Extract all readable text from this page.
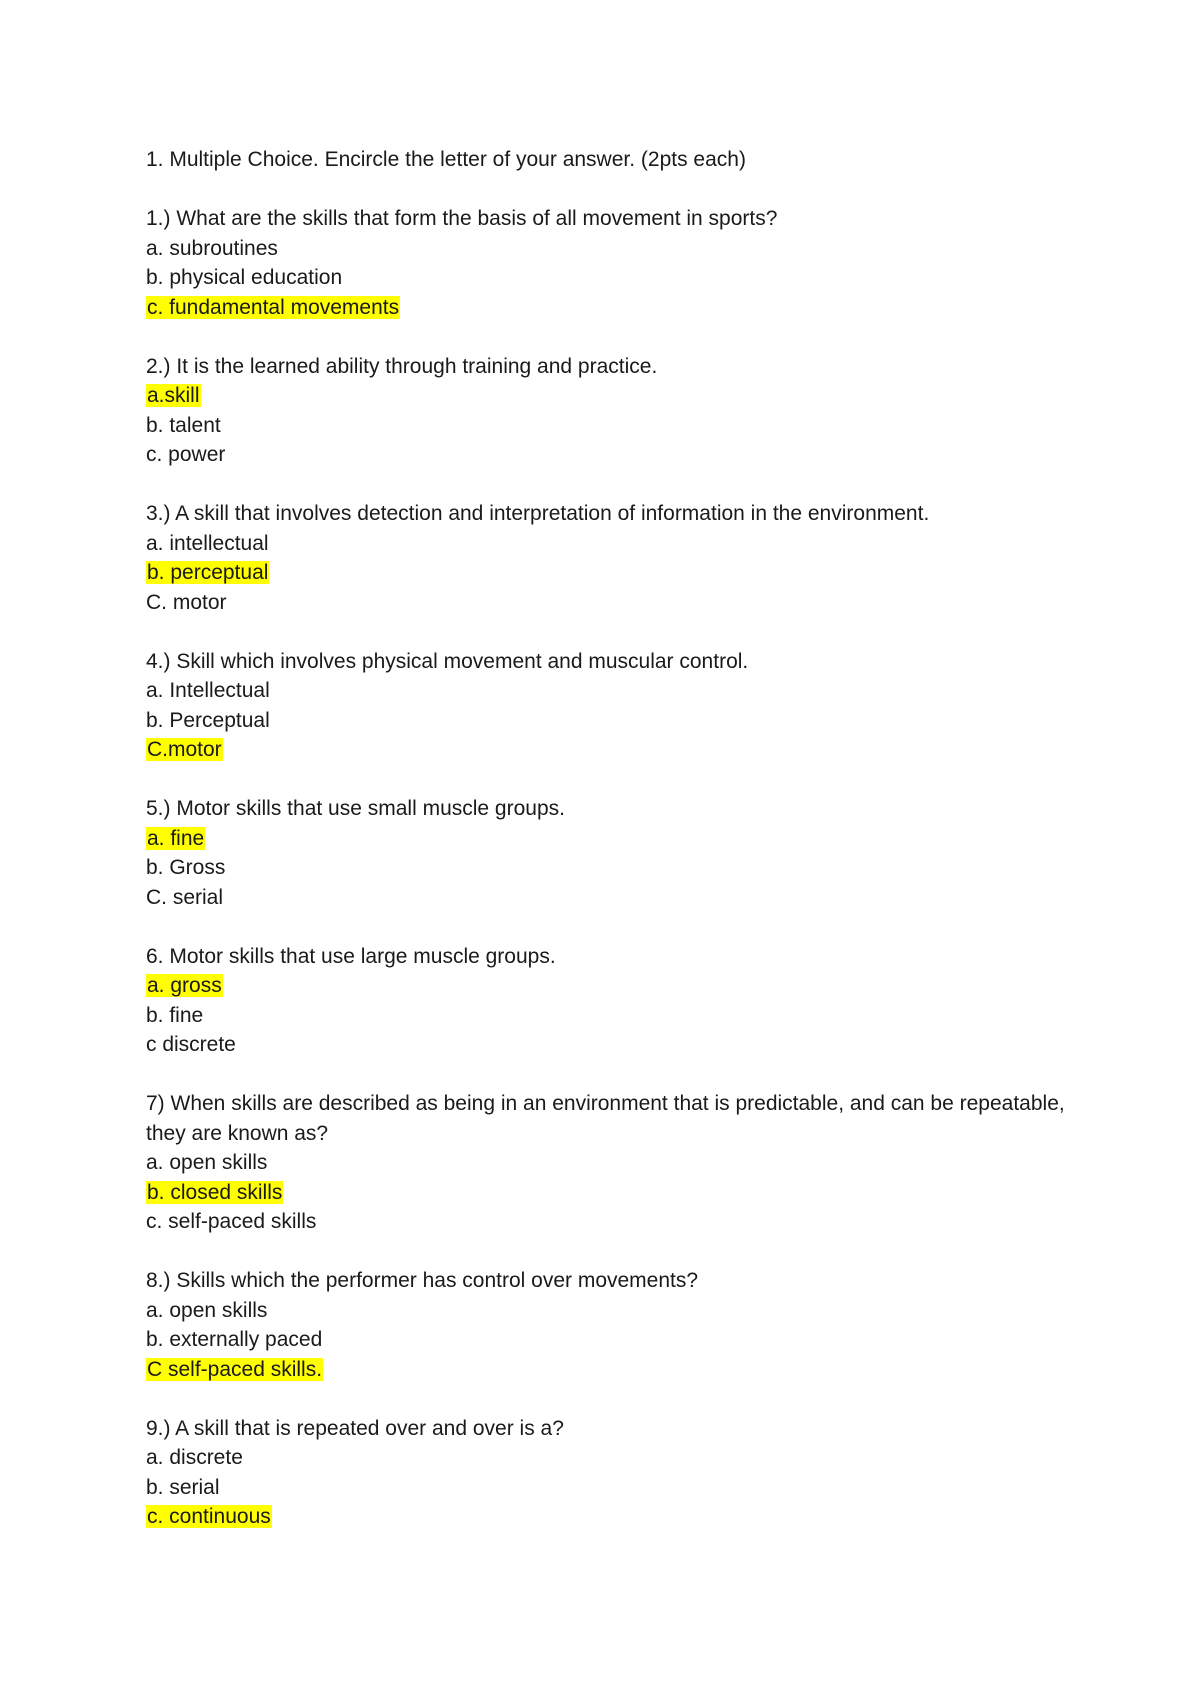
1. Multiple Choice. Encircle the letter of your answer. (2pts each)
1.) What are the skills that form the basis of all movement in sports?
a. subroutines
b. physical education
c. fundamental movements
2.) It is the learned ability through training and practice.
a.skill
b. talent
c. power
3.) A skill that involves detection and interpretation of information in the environment.
a. intellectual
b. perceptual
C. motor
4.) Skill which involves physical movement and muscular control.
a. Intellectual
b. Perceptual
C.motor
5.) Motor skills that use small muscle groups.
a. fine
b. Gross
C. serial
6. Motor skills that use large muscle groups.
a. gross
b. fine
c discrete
7) When skills are described as being in an environment that is predictable, and can be repeatable, they are known as?
a. open skills
b. closed skills
c. self-paced skills
8.) Skills which the performer has control over movements?
a. open skills
b. externally paced
C self-paced skills.
9.) A skill that is repeated over and over is a?
a. discrete
b. serial
c. continuous
